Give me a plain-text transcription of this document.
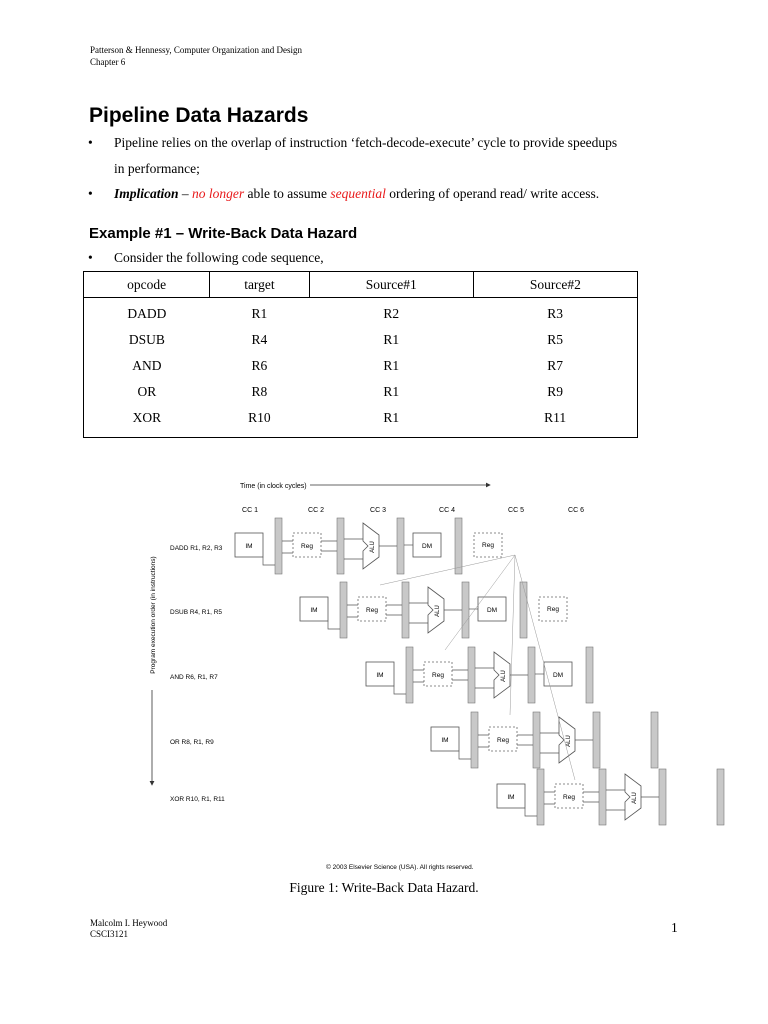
Patterson & Hennessy, Computer Organization and Design
Chapter 6
Pipeline Data Hazards
•	Pipeline relies on the overlap of instruction ‘fetch-decode-execute’ cycle to provide speedups
in performance;
•	Implication – no longer able to assume sequential ordering of operand read/ write access.
Example #1 – Write-Back Data Hazard
•	Consider the following code sequence,
opcode	target	Source#1	Source#2
DADD	R1	R2	R3
DSUB	R4	R1	R5
AND	R6	R1	R7
OR	R8	R1	R9
XOR	R10	R1	R11
Time (in clock cycles)
CC 1	CC 2	CC 3	CC 4	CC 5	CC 6
Program execution order (in instructions)
DADD R1, R2, R3	IM	Reg	ALU	DM	Reg
DSUB R4, R1, R5	IM	Reg	ALU	DM	Reg
AND R6, R1, R7	IM	Reg	ALU	DM
OR R8, R1, R9	IM	Reg	ALU
XOR R10, R1, R11	IM	Reg	ALU
© 2003 Elsevier Science (USA). All rights reserved.
Figure 1: Write-Back Data Hazard.
Malcolm I. Heywood
CSCI3121	1
